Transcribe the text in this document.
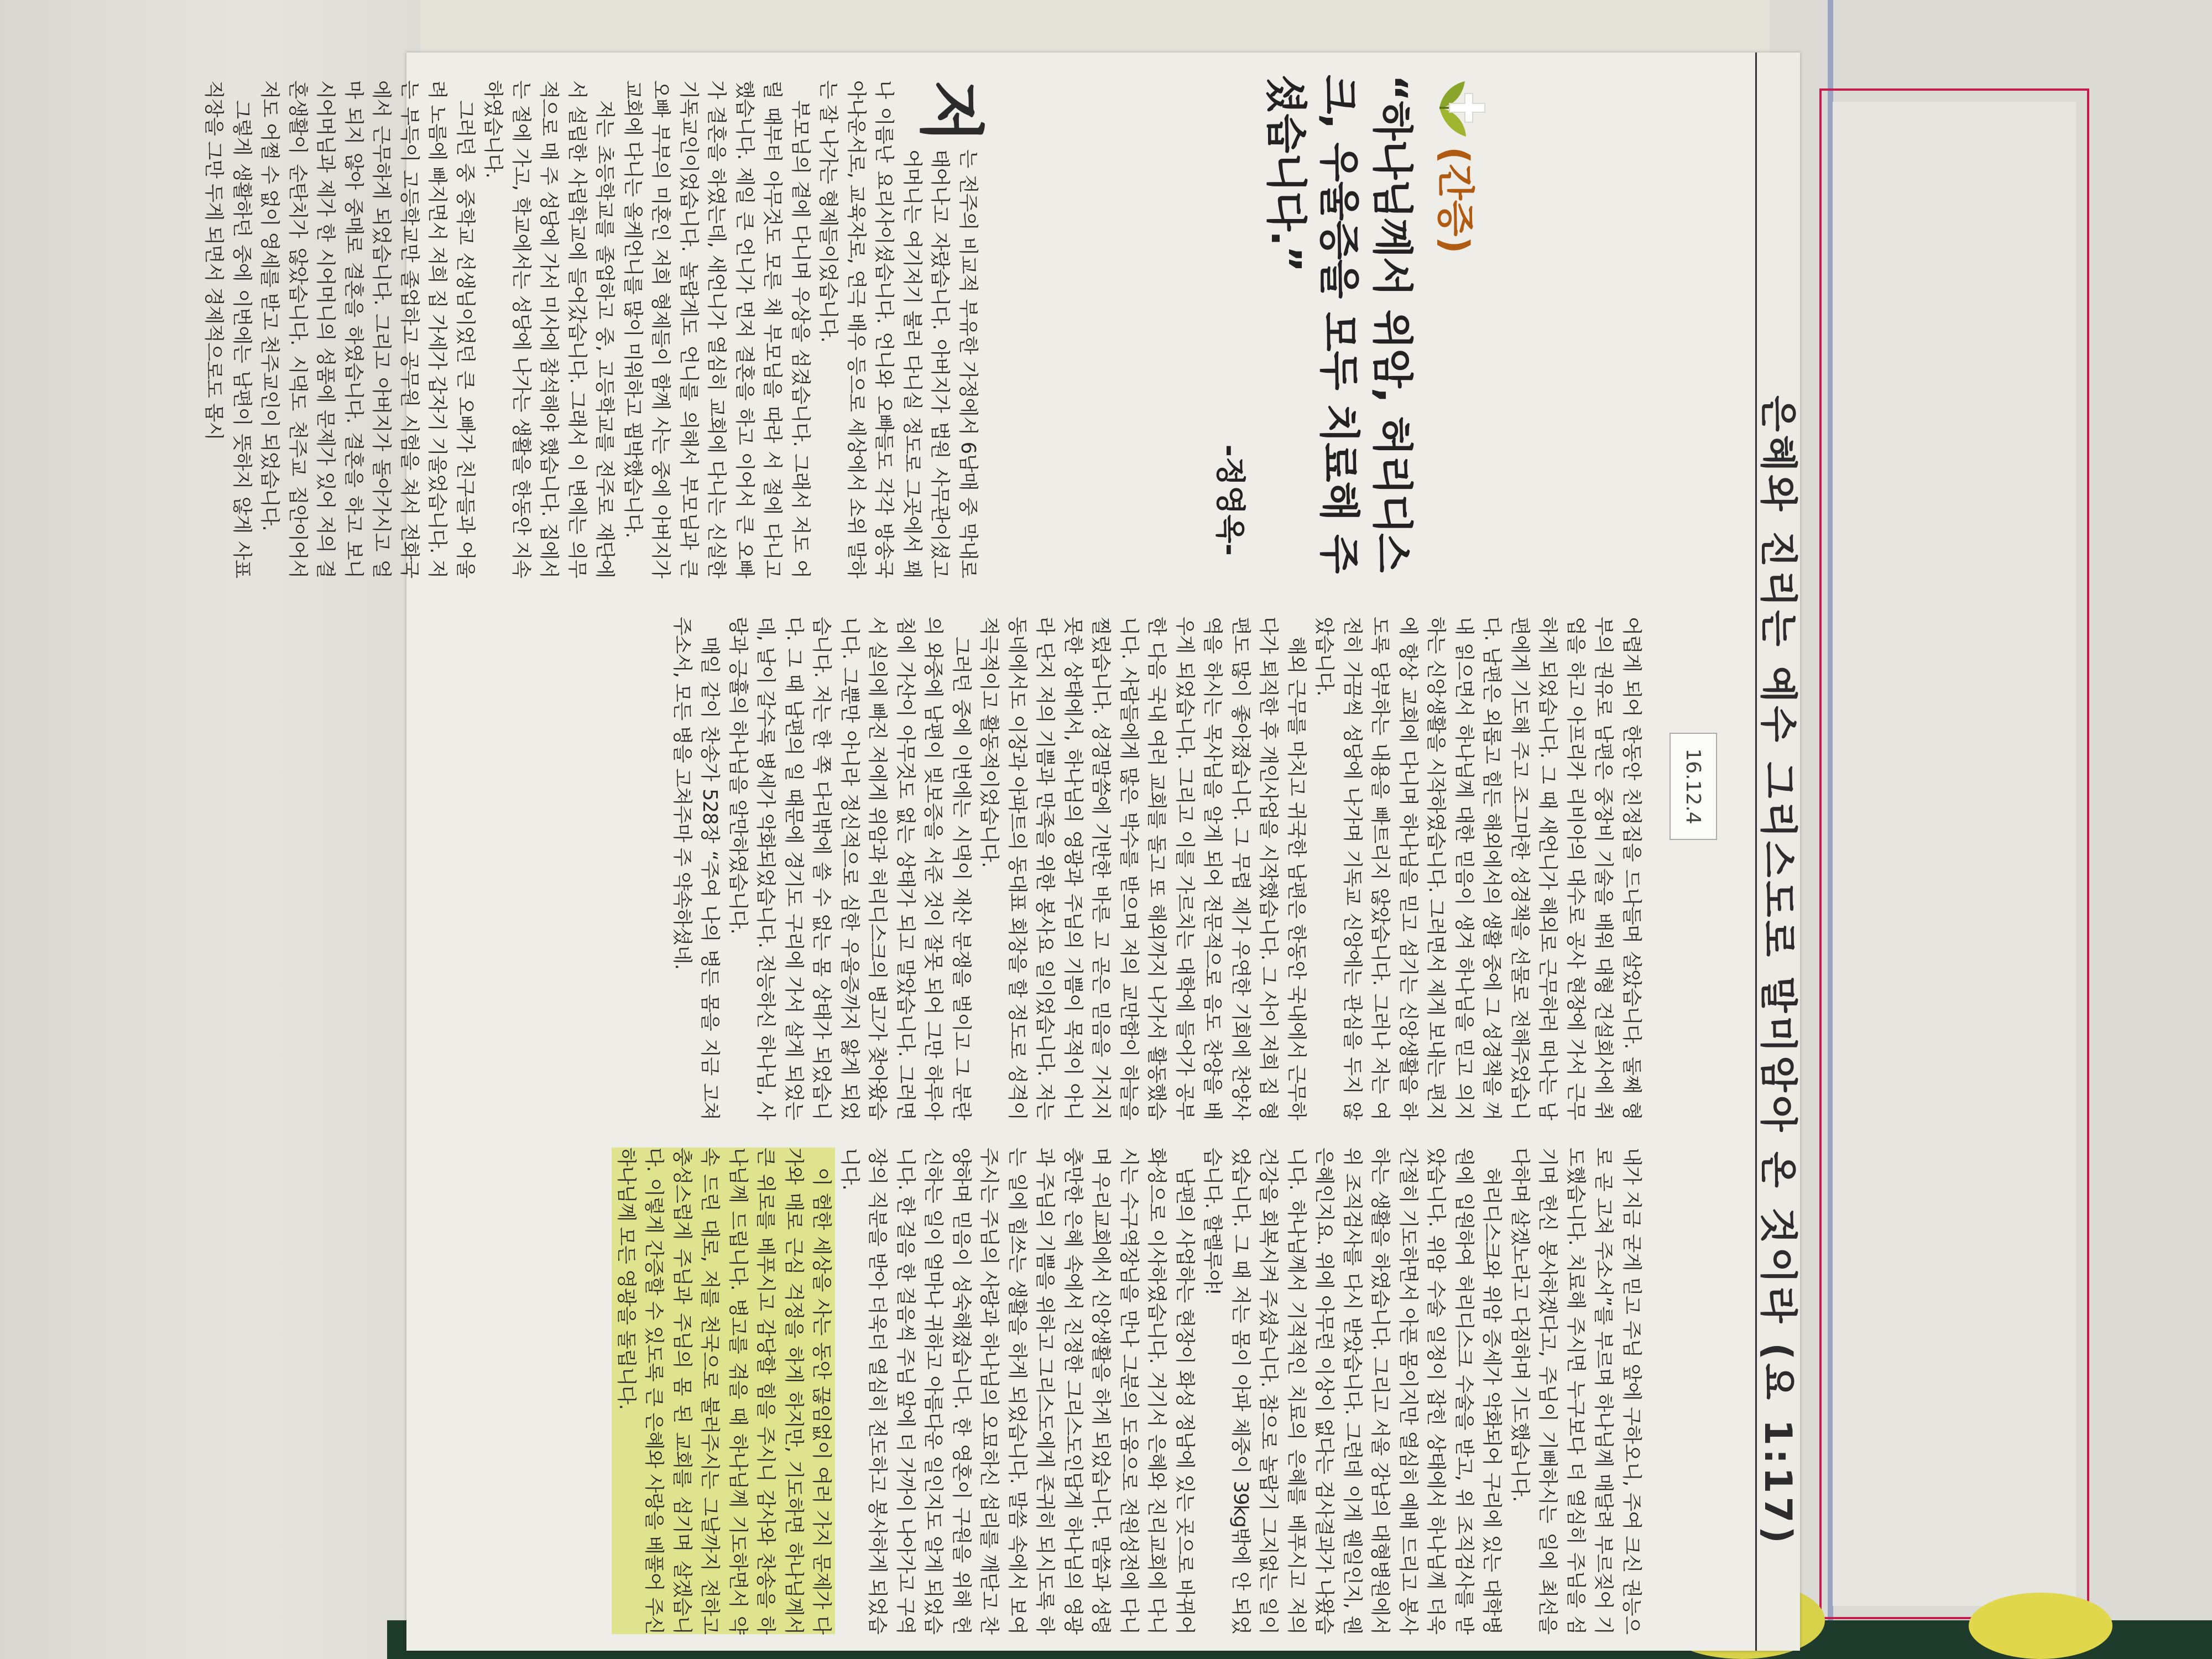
은혜와 진리는 예수 그리스도로 말미암아 온 것이라 (요 1:17)
16.12.4
(간증)
“하나님께서 위암, 허리디스크, 우울증을 모두 치료해 주셨습니다.”
-정영옥-

저
는 전주의 비교적 부유한 가정에서 6남매 중 막내로 태어나고 자랐습니다. 아버지가 법원 사무관이셨고 어머니는 여기저기 불러 다니실 정도로 그곳에서 꽤나 이름난 요리사이셨습니다. 언니와 오빠들도 각각 방송국 아나운서로, 교육자로, 연극 배우 등으로 세상에서 소위 말하는 잘 나가는 형제들이었습니다.

부모님의 곁에 다니며 우상을 섬겼습니다. 그래서 저도 어릴 때부터 아무것도 모른 채 부모님을 따라 서 절에 다니고 했습니다. 제일 큰 언니가 먼저 결혼을 하고 이어서 큰 오빠가 결혼을 하였는데, 새언니가 열심히 교회에 다니는 신실한 기독교인이었습니다. 놀랍게도 언니를 의해서 부모님과 큰 오빠 부부의 미혼인 저희 형제들이 함께 사는 중에 아버지가 교회에 다니는 올케언니를 많이 미워하고 핍박했습니다.

저는 초등학교를 졸업하고 중, 고등학교를 전주로 재단에서 설립한 사립학교에 들어갔습니다. 그래서 이 변에는 의무적으로 매 주 성당에 가서 미사에 참석해야 했습니다. 집에서는 절에 가고, 학교에서는 성당에 나가는 생활을 한동안 지속하였습니다.

그러던 중 중학교 선생님이었던 큰 오빠가 친구들과 어울려 노름에 빠지면서 저희 집 가세가 갑자기 기울었습니다. 저는 부득이 고등학교만 졸업하고 공무원 시험을 쳐서 전화국에서 근무하게 되었습니다. 그리고 아버지가 돌아가시고 얼마 되지 않아 중매로 결혼을 하였습니다. 결혼을 하고 보니 시어머님과 제가 한 시어머니의 성품에 문제가 있어 저의 결혼생활이 순탄치가 않았습니다. 시댁도 천주교 집안이어서 저도 어쩔 수 없이 영세를 받고 천주교인이 되었습니다.

그렇게 생활하던 중에 이번에는 남편이 뜻하지 않게 사표 직장을 그만 두게 되면서 경제적으로도 몹시

어렵게 되어 한동안 친정집을 드나들며 살았습니다. 둘째 형부의 권유로 남편은 중장비 기술을 배워 대형 건설회사에 취업을 하고 아프리카 리비아의 대수로 공사 현장에 가서 근무하게 되었습니다. 그 때 새언니가 해외로 근무하러 떠나는 남편에게 기도해 주고 조그마한 성경책을 선물로 전해주었습니다. 남편은 외롭고 힘든 해외에서의 생활 중에 그 성경책을 꺼내 읽으면서 하나님께 대한 믿음이 생겨 하나님을 믿고 의지하는 신앙생활을 시작하였습니다. 그러면서 제게 보내는 편지에 항상 교회에 다니며 하나님을 믿고 섬기는 신앙생활을 하도록 당부하는 내용을 빠트리지 않았습니다. 그러나 저는 여전히 가끔씩 성당에 나가며 기독교 신앙에는 관심을 두지 않았습니다.

해외 근무를 마치고 귀국한 남편은 한동안 국내에서 근무하다가 퇴직한 후 개인사업을 시작했습니다. 그 사이 저희 집 형편도 많이 좋아졌습니다. 그 무렵 제가 우연한 기회에 찬양사역을 하시는 목사님을 알게 되어 전문적으로 음도 찬양을 배우게 되었습니다. 그리고 이를 가르치는 대학에 들어가 공부한 다음 국내 여러 교회를 돌고 또 해외까지 나가서 활동했습니다. 사람들에게 많은 박수를 받으며 저의 교만함이 하늘을 찔렀습니다. 성경말씀에 기반한 바른 고 곧은 믿음을 가지지 못한 상태에서, 하나님의 영광과 주님의 기쁨이 목적이 아니라 단지 저의 기쁨과 만족을 위한 봉사요 일이었습니다. 저는 동네에서도 이장과 아파트의 동대표 회장을 할 정도로 성격이 적극적이고 활동적이었습니다.

그러던 중에 이번에는 시댁이 재산 분쟁을 벌이고 그 분란의 와중에 남편이 빚보증을 서준 것이 잘못 되어 그만 하루아침에 가산이 아무것도 없는 상태가 되고 말았습니다. 그러면서 실의에 빠진 저에게 위암과 허리디스크의 병고가 찾아왔습니다. 그뿐만 아니라 정신적으로 심한 우울증까지 앓게 되었습니다. 저는 한 쪽 다리밖에 쓸 수 없는 몸 상태가 되었습니다. 그 때 남편의 일 때문에 경기도 구리에 가서 살게 되었는데, 날이 갈수록 병세가 악화되었습니다. 전능하신 하나님, 사랑과 긍휼의 하나님을 알만하였습니다.

매일 같이 찬송가 528장 “주여 나의 병든 몸을 지금 고쳐 주소서, 모든 병을 고쳐주마 주 약속하셨네.

내가 지금 굳게 믿고 주님 앞에 구하오니, 주여 크신 권능으로 곧 고쳐 주소서”를 부르며 하나님께 매달려 부르짖어 기도했습니다. 치료해 주시면 누구보다 더 열심히 주님을 섬기며 헌신 봉사하겠다고, 주님이 기뻐하시는 일에 최선을 다하며 살겠노라고 다짐하며 기도했습니다.

허리디스크와 위암 증세가 악화되어 구리에 있는 대학병원에 입원하여 허리디스크 수술을 받고, 위 조직검사를 받았습니다. 위암 수술 일정이 잡힌 상태에서 하나님께 더욱 간절히 기도하면서 아픈 몸이지만 열심히 예배 드리고 봉사하는 생활을 하였습니다. 그리고 서울 강남의 대형병원에서 위 조직검사를 다시 받았습니다. 그런데 이게 웬일인지, 웬 은혜인지요. 위에 아무런 이상이 없다는 검사결과가 나왔습니다. 하나님께서 기적적인 치료의 은혜를 베푸시고 저의 건강을 회복시켜 주셨습니다. 참으로 놀랍기 그지없는 일이었습니다. 그 때 저는 몸이 아파 체중이 39kg밖에 안 되었습니다. 할렐루야!

남편의 사업하는 현장이 화성 정남에 있는 곳으로 바뀌어 화성으로 이사하였습니다. 거기서 은혜와 진리교회에 다니시는 수구역장님을 만나 그분의 도움으로 전원성전에 다니며 우리교회에서 신앙생활을 하게 되었습니다. 말씀과 성령 충만한 은혜 속에서 진정한 그리스도인답게 하나님의 영광과 주님의 기쁨을 위하고 그리스도에게 존귀히 되시도록 하는 일에 힘쓰는 생활을 하게 되었습니다. 말씀 속에서 보여주시는 주님의 사랑과 하나님의 오묘하신 섭리를 깨닫고 찬양하며 믿음이 성숙해졌습니다. 한 영혼이 구원을 위해 헌신하는 일이 얼마나 귀하고 아름다운 일인지도 알게 되었습니다. 한 걸음 한 걸음씩 주님 앞에 더 가까이 나아가고 구역장의 직분을 받아 더욱더 열심히 전도하고 봉사하게 되었습니다.

이 험한 세상을 사는 동안 끊임없이 여러 가지 문제가 다가와 매로 근심 걱정을 하게 하지만, 기도하면 하나님께서 큰 위로를 베푸시고 감당할 힘을 주시니 감사와 찬송을 하나님께 드립니다. 병고를 겪을 때 하나님께 기도하면서 약속 드린 대로, 저를 천국으로 불러주시는 그날까지 전하고 충성스럽게 주님과 주님의 몸 된 교회를 섬기며 살겠습니다. 이렇게 간증할 수 있도록 큰 은혜와 사랑을 베풀어 주신 하나님께 모든 영광을 돌립니다.
